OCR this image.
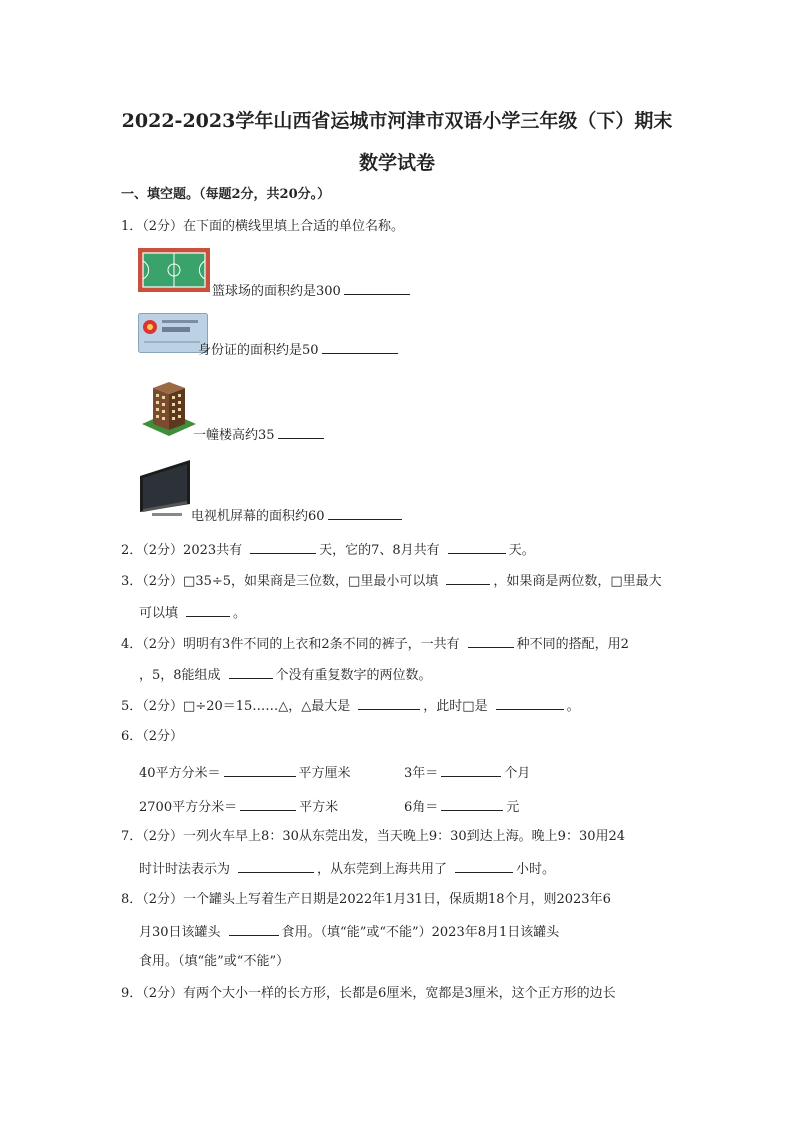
2022-2023学年山西省运城市河津市双语小学三年级（下）期末
数学试卷
一、填空题。（每题2分，共20分。）
1．（2分）在下面的横线里填上合适的单位名称。
篮球场的面积约是300
身份证的面积约是50
一幢楼高约35
电视机屏幕的面积约60
2．（2分）2023共有	天，它的7、8月共有	天。
3．（2分）□35÷5，如果商是三位数，□里最小可以填	，如果商是两位数，□里最大
可以填	。
4．（2分）明明有3件不同的上衣和2条不同的裤子，一共有	种不同的搭配，用2
，5，8能组成	个没有重复数字的两位数。
5．（2分）□÷20＝15……△，△最大是	，此时□是	。
6．（2分）
40平方分米＝	平方厘米	3年＝	个月
2700平方分米＝	平方米	6角＝	元
7．（2分）一列火车早上8：30从东莞出发，当天晚上9：30到达上海。晚上9：30用24
时计时法表示为	，从东莞到上海共用了	小时。
8．（2分）一个罐头上写着生产日期是2022年1月31日，保质期18个月，则2023年6
月30日该罐头	食用。（填“能”或“不能”）2023年8月1日该罐头
食用。（填“能”或“不能”）
9．（2分）有两个大小一样的长方形，长都是6厘米，宽都是3厘米，这个正方形的边长
